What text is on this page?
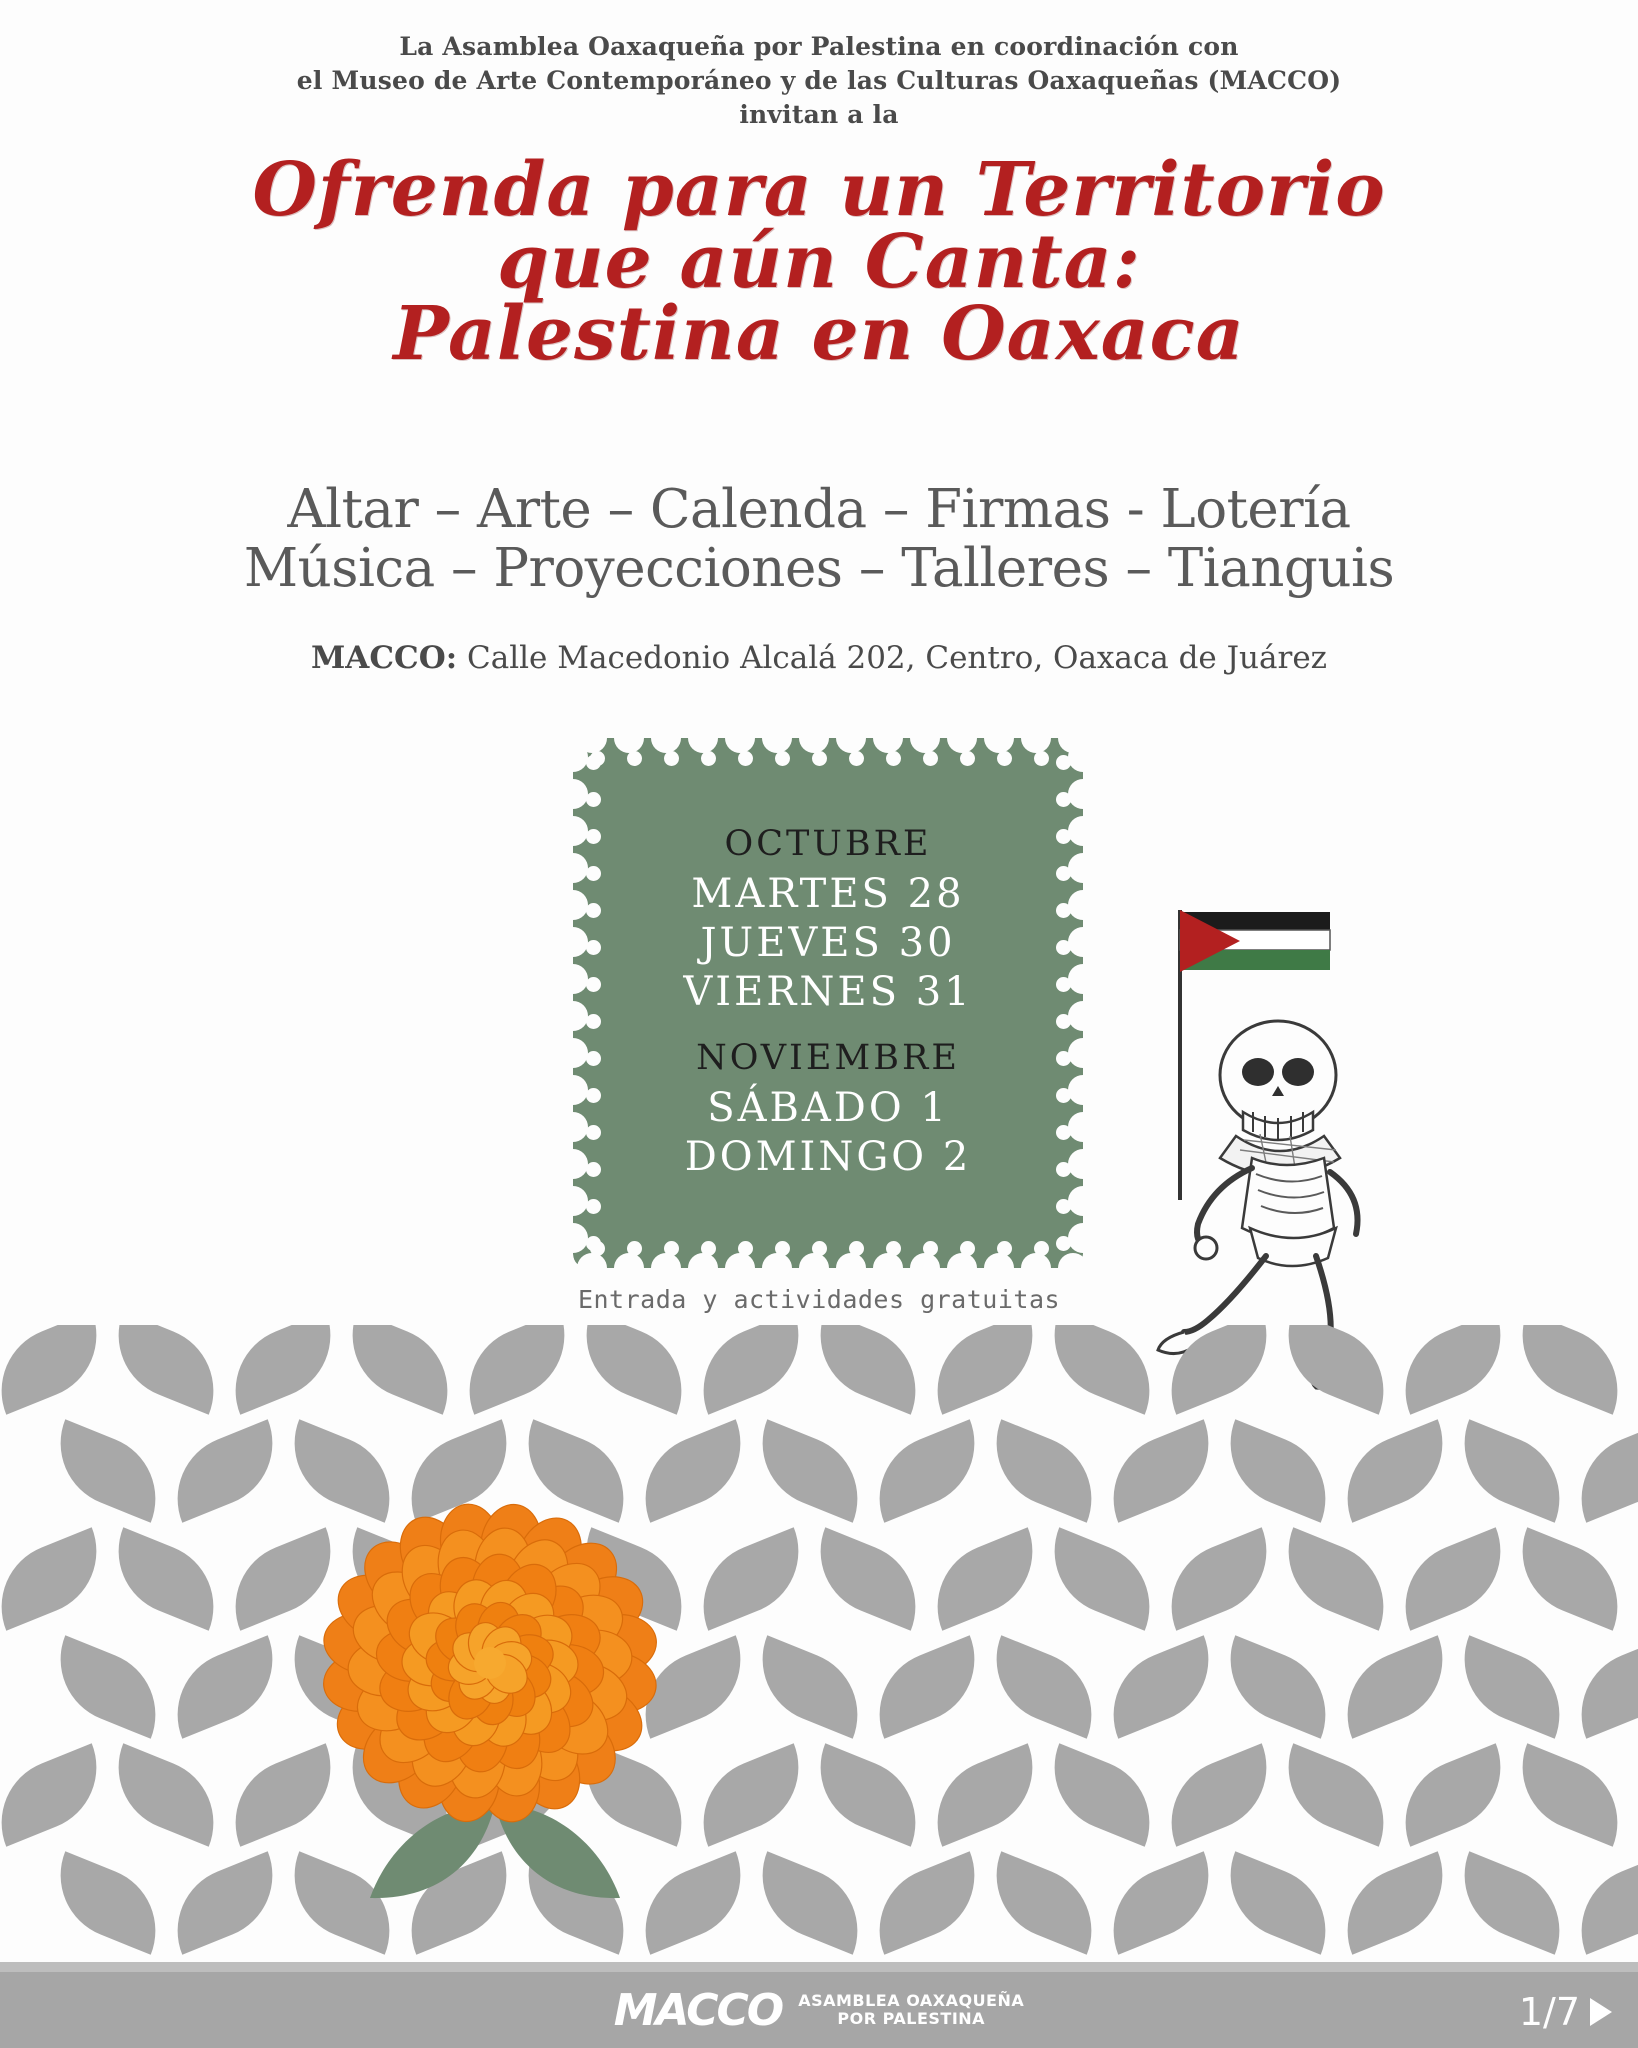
La Asamblea Oaxaqueña por Palestina en coordinación con
el Museo de Arte Contemporáneo y de las Culturas Oaxaqueñas (MACCO)
invitan a la
Ofrenda para un Territorio
que aún Canta:
Palestina en Oaxaca
Altar – Arte – Calenda – Firmas - Lotería
Música – Proyecciones – Talleres – Tianguis
MACCO: Calle Macedonio Alcalá 202, Centro, Oaxaca de Juárez
OCTUBRE
MARTES 28
JUEVES 30
VIERNES 31
NOVIEMBRE
SÁBADO 1
DOMINGO 2
Entrada y actividades gratuitas
MACCO ASAMBLEA OAXAQUEÑA
POR PALESTINA	1/7
